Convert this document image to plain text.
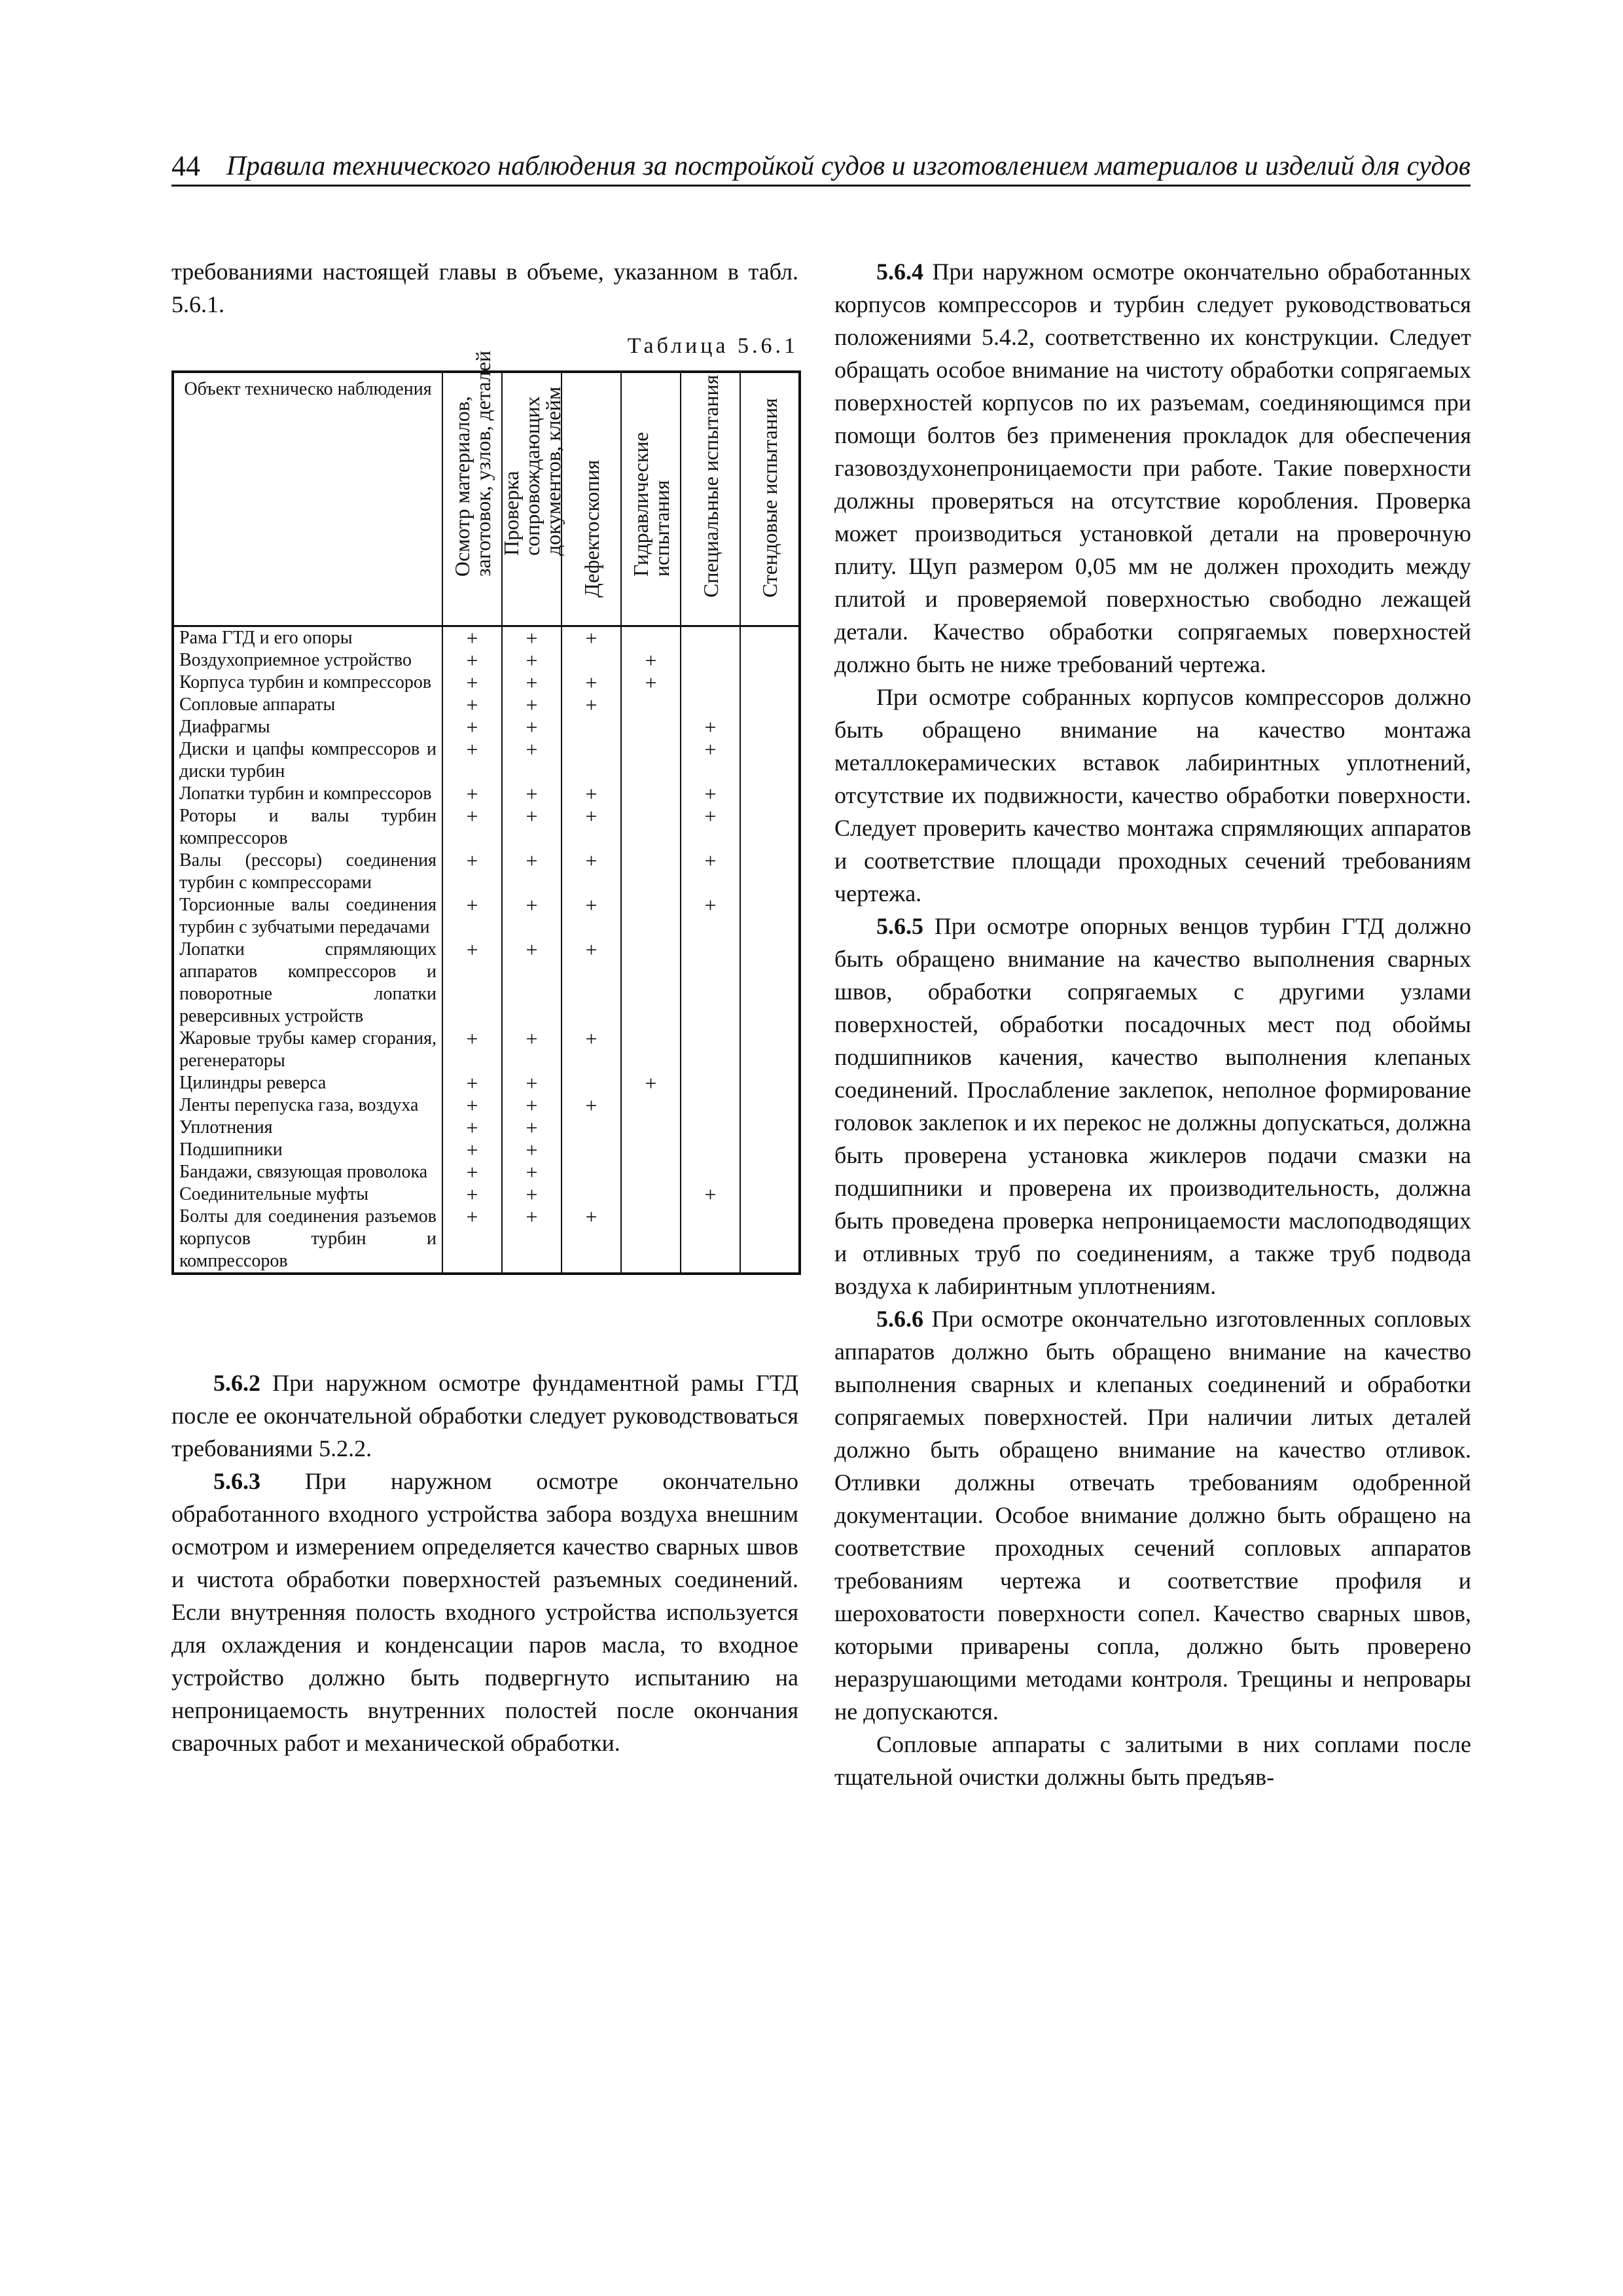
44 Правила технического наблюдения за постройкой судов и изготовлением материалов и изделий для судов

требованиями настоящей главы в объеме, указанном в табл. 5.6.1.

Таблица 5.6.1
Объект техническо наблюдения	Осмотр материалов, заготовок, узлов, деталей	Проверка сопровождающих документов, клейм	Дефектоскопия	Гидравлические испытания	Специальные испытания	Стендовые испытания

Рама ГТД и его опоры	+	+	+			
Воздухоприемное устройство	+	+		+		
Корпуса турбин и компрессоров	+	+	+	+		
Сопловые аппараты	+	+	+			
Диафрагмы	+	+			+	
Диски и цапфы компрессоров и диски турбин	+	+			+	
Лопатки турбин и компрессоров	+	+	+		+	
Роторы и валы турбин компрессоров	+	+	+		+	
Валы (рессоры) соединения турбин с компрессорами	+	+	+		+	
Торсионные валы соединения турбин с зубчатыми передачами	+	+	+		+	
Лопатки спрямляющих аппаратов компрессоров и поворотные лопатки реверсивных устройств	+	+	+			
Жаровые трубы камер сгорания, регенераторы	+	+	+			
Цилиндры реверса	+	+		+		
Ленты перепуска газа, воздуха	+	+	+			
Уплотнения	+	+				
Подшипники	+	+				
Бандажи, связующая проволока	+	+				
Соединительные муфты	+	+			+	
Болты для соединения разъемов корпусов турбин и компрессоров	+	+	+			

5.6.2 При наружном осмотре фундаментной рамы ГТД после ее окончательной обработки следует руководствоваться требованиями 5.2.2.

5.6.3 При наружном осмотре окончательно обработанного входного устройства забора воздуха внешним осмотром и измерением определяется качество сварных швов и чистота обработки поверхностей разъемных соединений. Если внутренняя полость входного устройства используется для охлаждения и конденсации паров масла, то входное устройство должно быть подвергнуто испытанию на непроницаемость внутренних полостей после окончания сварочных работ и механической обработки.

5.6.4 При наружном осмотре окончательно обработанных корпусов компрессоров и турбин следует руководствоваться положениями 5.4.2, соответственно их конструкции. Следует обращать особое внимание на чистоту обработки сопрягаемых поверхностей корпусов по их разъемам, соединяющимся при помощи болтов без применения прокладок для обеспечения газовоздухонепроницаемости при работе. Такие поверхности должны проверяться на отсутствие коробления. Проверка может производиться установкой детали на проверочную плиту. Щуп размером 0,05 мм не должен проходить между плитой и проверяемой поверхностью свободно лежащей детали. Качество обработки сопрягаемых поверхностей должно быть не ниже требований чертежа.

При осмотре собранных корпусов компрессоров должно быть обращено внимание на качество монтажа металлокерамических вставок лабиринтных уплотнений, отсутствие их подвижности, качество обработки поверхности. Следует проверить качество монтажа спрямляющих аппаратов и соответствие площади проходных сечений требованиям чертежа.

5.6.5 При осмотре опорных венцов турбин ГТД должно быть обращено внимание на качество выполнения сварных швов, обработки сопрягаемых с другими узлами поверхностей, обработки посадочных мест под обоймы подшипников качения, качество выполнения клепаных соединений. Прослабление заклепок, неполное формирование головок заклепок и их перекос не должны допускаться, должна быть проверена установка жиклеров подачи смазки на подшипники и проверена их производительность, должна быть проведена проверка непроницаемости маслоподводящих и отливных труб по соединениям, а также труб подвода воздуха к лабиринтным уплотнениям.

5.6.6 При осмотре окончательно изготовленных сопловых аппаратов должно быть обращено внимание на качество выполнения сварных и клепаных соединений и обработки сопрягаемых поверхностей. При наличии литых деталей должно быть обращено внимание на качество отливок. Отливки должны отвечать требованиям одобренной документации. Особое внимание должно быть обращено на соответствие проходных сечений сопловых аппаратов требованиям чертежа и соответствие профиля и шероховатости поверхности сопел. Качество сварных швов, которыми приварены сопла, должно быть проверено неразрушающими методами контроля. Трещины и непровары не допускаются.

Сопловые аппараты с залитыми в них соплами после тщательной очистки должны быть предъяв-
